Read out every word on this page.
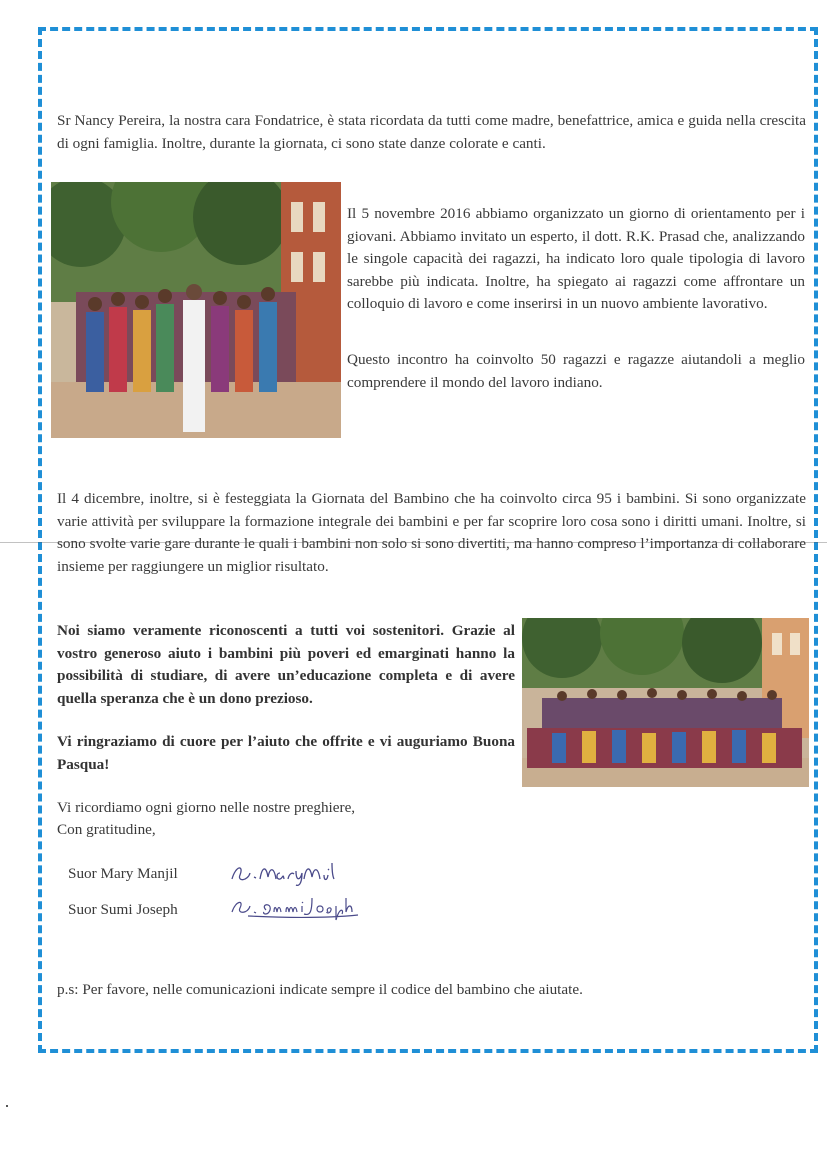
Sr Nancy Pereira, la nostra cara Fondatrice, è stata ricordata da tutti come madre, benefattrice, amica e guida nella crescita di ogni famiglia. Inoltre, durante la giornata, ci sono state danze colorate e canti.

Il 5 novembre 2016 abbiamo organizzato un giorno di orientamento per i giovani. Abbiamo invitato un esperto, il dott. R.K. Prasad che, analizzando le singole capacità dei ragazzi, ha indicato loro quale tipologia di lavoro sarebbe più indicata. Inoltre, ha spiegato ai ragazzi come affrontare un colloquio di lavoro e come inserirsi in un nuovo ambiente lavorativo.

Questo incontro ha coinvolto 50 ragazzi e ragazze aiutandoli a meglio comprendere il mondo del lavoro indiano.

Il 4 dicembre, inoltre, si è festeggiata la Giornata del Bambino che ha coinvolto circa 95 i bambini. Si sono organizzate varie attività per sviluppare la formazione integrale dei bambini e per far scoprire loro cosa sono i diritti umani. Inoltre, si sono svolte varie gare durante le quali i bambini non solo si sono divertiti, ma hanno compreso l’importanza di collaborare insieme per raggiungere un miglior risultato.

Noi siamo veramente riconoscenti a tutti voi sostenitori. Grazie al vostro generoso aiuto i bambini più poveri ed emarginati hanno la possibilità di studiare, di avere un’educazione completa e di avere quella speranza che è un dono prezioso.

Vi ringraziamo di cuore per l’aiuto che offrite e vi auguriamo Buona Pasqua!

Vi ricordiamo ogni giorno nelle nostre preghiere,

Con gratitudine,

Suor Mary Manjil
Suor Sumi Joseph

p.s: Per favore, nelle comunicazioni indicate sempre il codice del bambino che aiutate.
